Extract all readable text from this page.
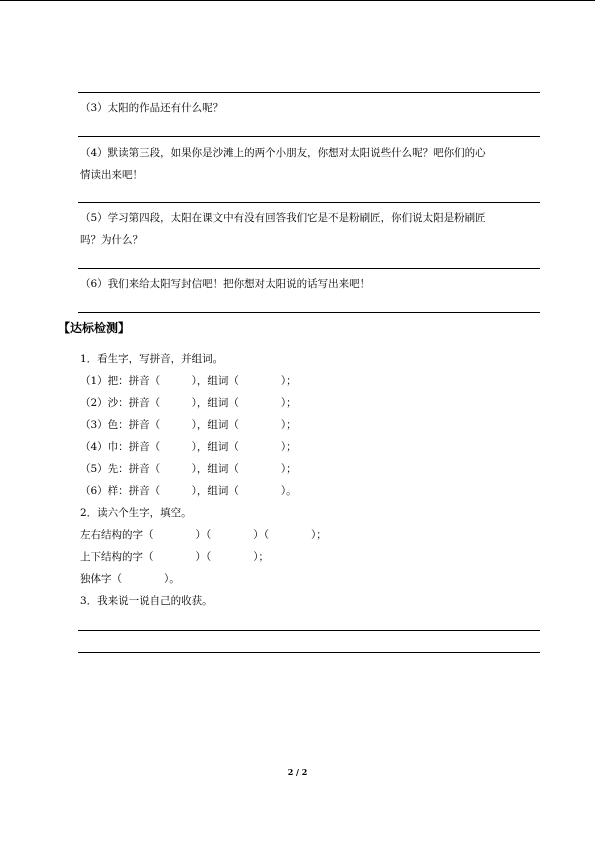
（3）太阳的作品还有什么呢？
（4）默读第三段，如果你是沙滩上的两个小朋友，你想对太阳说些什么呢？吧你们的心
情读出来吧！
（5）学习第四段，太阳在课文中有没有回答我们它是不是粉刷匠，你们说太阳是粉刷匠
吗？为什么？
（6）我们来给太阳写封信吧！把你想对太阳说的话写出来吧！
【达标检测】
1．看生字，写拼音，并组词。
（1）把：拼音（　　　），组词（　　　　）；
（2）沙：拼音（　　　），组词（　　　　）；
（3）色：拼音（　　　），组词（　　　　）；
（4）巾：拼音（　　　），组词（　　　　）；
（5）先：拼音（　　　），组词（　　　　）；
（6）样：拼音（　　　），组词（　　　　）。
2．读六个生字，填空。
左右结构的字（　　　　）（　　　　）（　　　　）；
上下结构的字（　　　　）（　　　　）；
独体字（　　　　）。
3．我来说一说自己的收获。
2 / 2
